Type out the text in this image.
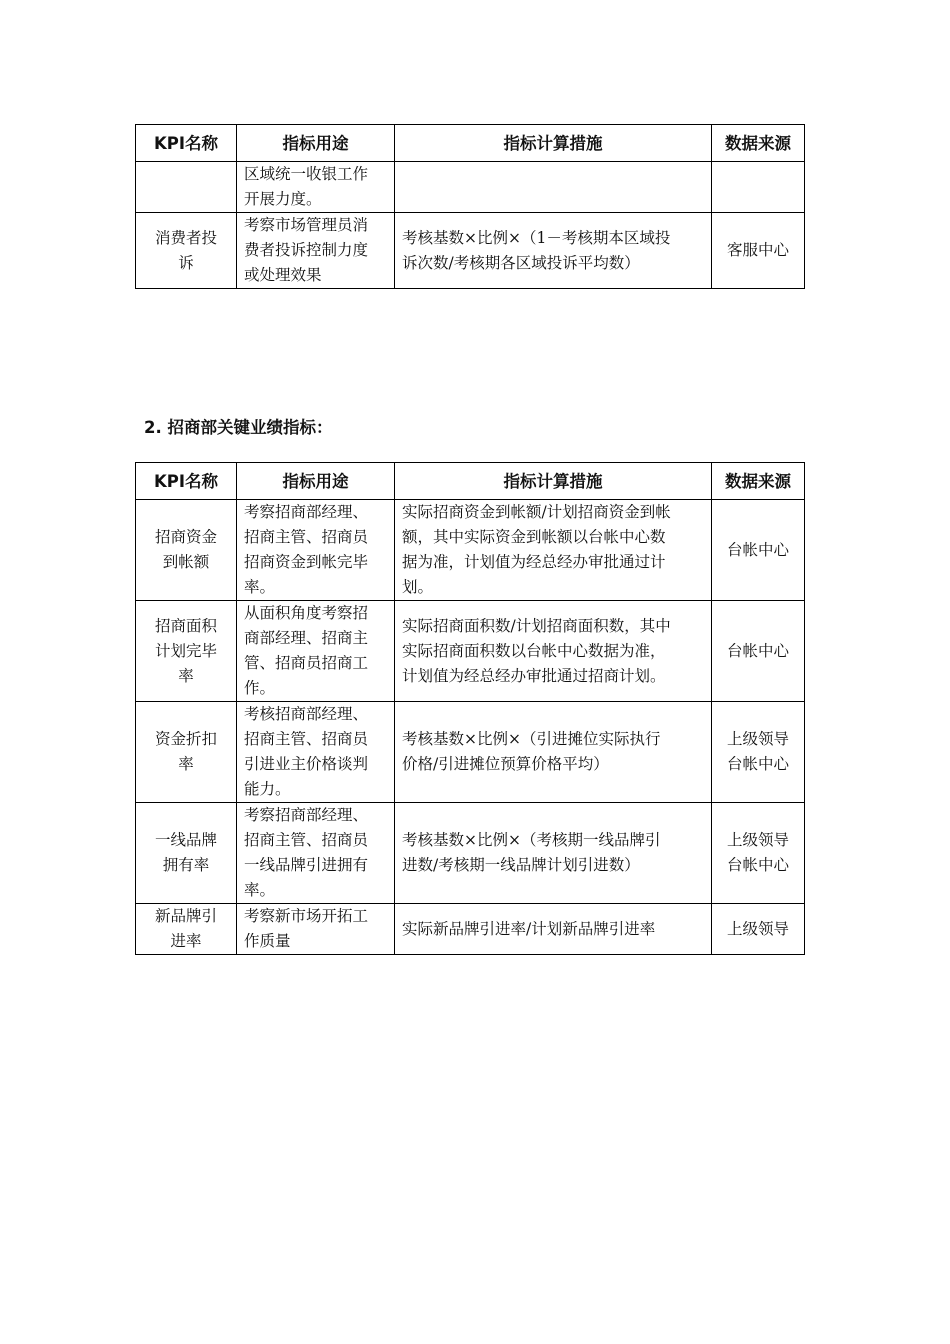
KPI名称	指标用途	指标计算措施	数据来源
	区域统一收银工作
开展力度。		
消费者投
诉	考察市场管理员消
费者投诉控制力度
或处理效果	考核基数×比例×（1－考核期本区域投
诉次数/考核期各区域投诉平均数）	客服中心
2. 招商部关键业绩指标：
KPI名称	指标用途	指标计算措施	数据来源
招商资金
到帐额	考察招商部经理、
招商主管、招商员
招商资金到帐完毕
率。	实际招商资金到帐额/计划招商资金到帐
额，其中实际资金到帐额以台帐中心数
据为准，计划值为经总经办审批通过计
划。	台帐中心
招商面积
计划完毕
率	从面积角度考察招
商部经理、招商主
管、招商员招商工
作。	实际招商面积数/计划招商面积数，其中
实际招商面积数以台帐中心数据为准，
计划值为经总经办审批通过招商计划。	台帐中心
资金折扣
率	考核招商部经理、
招商主管、招商员
引进业主价格谈判
能力。	考核基数×比例×（引进摊位实际执行
价格/引进摊位预算价格平均）	上级领导
台帐中心
一线品牌
拥有率	考察招商部经理、
招商主管、招商员
一线品牌引进拥有
率。	考核基数×比例×（考核期一线品牌引
进数/考核期一线品牌计划引进数）	上级领导
台帐中心
新品牌引
进率	考察新市场开拓工
作质量	实际新品牌引进率/计划新品牌引进率	上级领导
